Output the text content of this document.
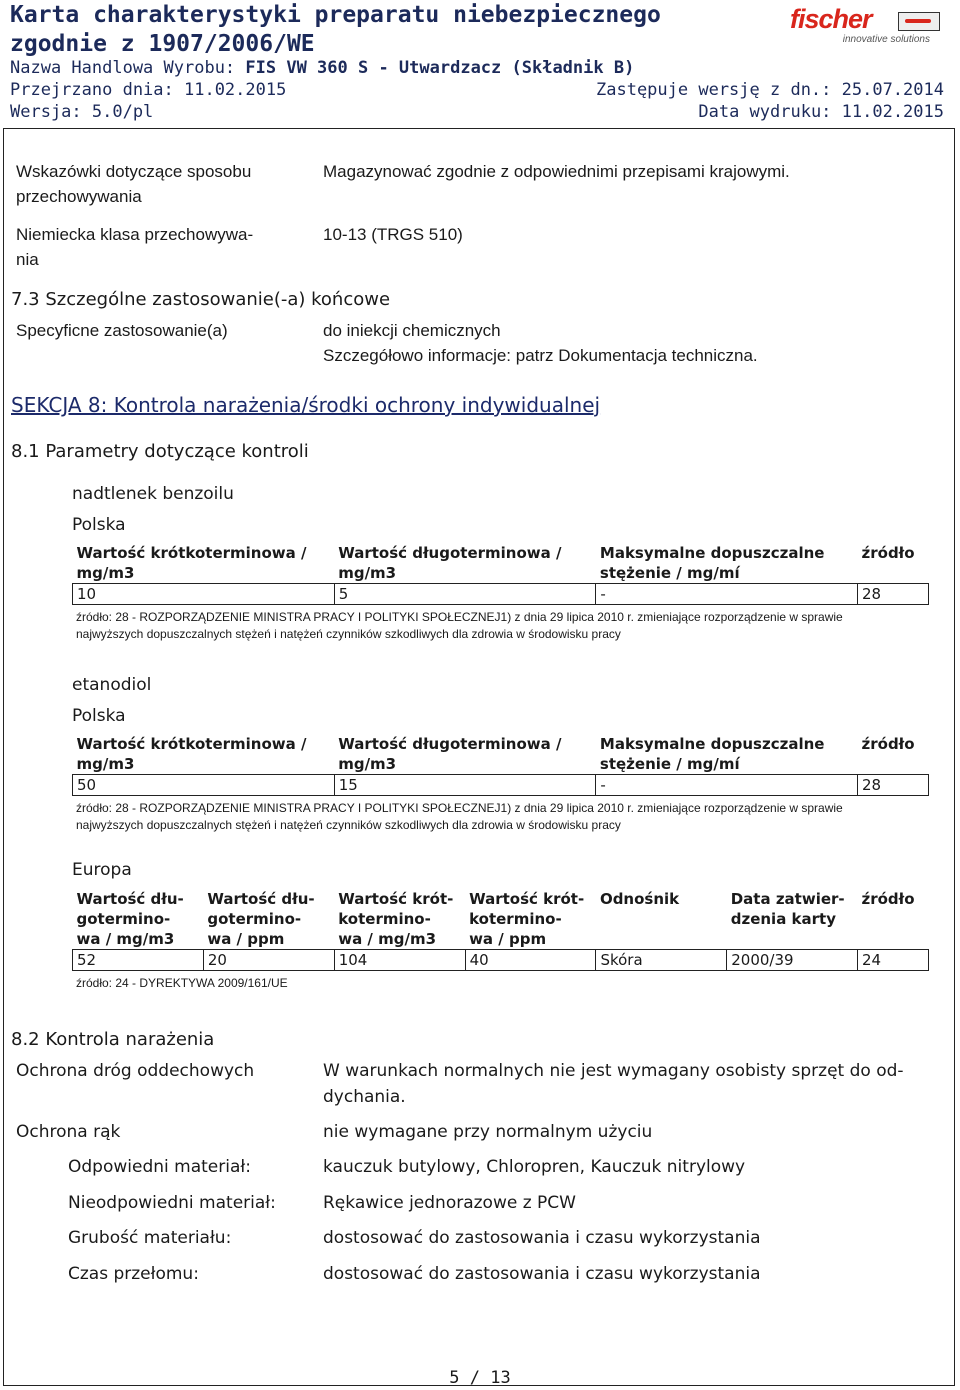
Karta charakterystyki preparatu niebezpiecznego
zgodnie z 1907/2006/WE
Nazwa Handlowa Wyrobu: FIS VW 360 S - Utwardzacz (Składnik B)
Przejrzano dnia: 11.02.2015	Zastępuje wersję z dn.: 25.07.2014
Wersja: 5.0/pl	Data wydruku: 11.02.2015
fischer
innovative solutions
Wskazówki dotyczące sposobu
przechowywania
Magazynować zgodnie z odpowiednimi przepisami krajowymi.
Niemiecka klasa przechowywa-
nia
10-13 (TRGS 510)
7.3 Szczególne zastosowanie(-a) końcowe
Specyficne zastosowanie(a)	do iniekcji chemicznych
Szczegółowo informacje: patrz Dokumentacja techniczna.
SEKCJA 8: Kontrola narażenia/środki ochrony indywidualnej
8.1 Parametry dotyczące kontroli
nadtlenek benzoilu
Polska
Wartość krótkoterminowa / mg/m3	Wartość długoterminowa / mg/m3	Maksymalne dopuszczalne stężenie / mg/mí	źródło
10	5	-	28
źródło: 28 - ROZPORZĄDZENIE MINISTRA PRACY I POLITYKI SPOŁECZNEJ1) z dnia 29 lipica 2010 r. zmieniające rozporządzenie w sprawie
najwyższych dopuszczalnych stężeń i natężeń czynników szkodliwych dla zdrowia w środowisku pracy
etanodiol
Polska
Wartość krótkoterminowa / mg/m3	Wartość długoterminowa / mg/m3	Maksymalne dopuszczalne stężenie / mg/mí	źródło
50	15	-	28
źródło: 28 - ROZPORZĄDZENIE MINISTRA PRACY I POLITYKI SPOŁECZNEJ1) z dnia 29 lipica 2010 r. zmieniające rozporządzenie w sprawie
najwyższych dopuszczalnych stężeń i natężeń czynników szkodliwych dla zdrowia w środowisku pracy
Europa
Wartość dłu-
gotermino-
wa / mg/m3	Wartość dłu-
gotermino-
wa / ppm	Wartość krót-
kotermino-
wa / mg/m3	Wartość krót-
kotermino-
wa / ppm	Odnośnik	Data zatwier-
dzenia karty	źródło
52	20	104	40	Skóra	2000/39	24
źródło: 24 - DYREKTYWA 2009/161/UE
8.2 Kontrola narażenia
Ochrona dróg oddechowych	W warunkach normalnych nie jest wymagany osobisty sprzęt do od-
dychania.
Ochrona rąk	nie wymagane przy normalnym użyciu
Odpowiedni materiał:	kauczuk butylowy, Chloropren, Kauczuk nitrylowy
Nieodpowiedni materiał:	Rękawice jednorazowe z PCW
Grubość materiału:	dostosować do zastosowania i czasu wykorzystania
Czas przełomu:	dostosować do zastosowania i czasu wykorzystania
5 / 13
